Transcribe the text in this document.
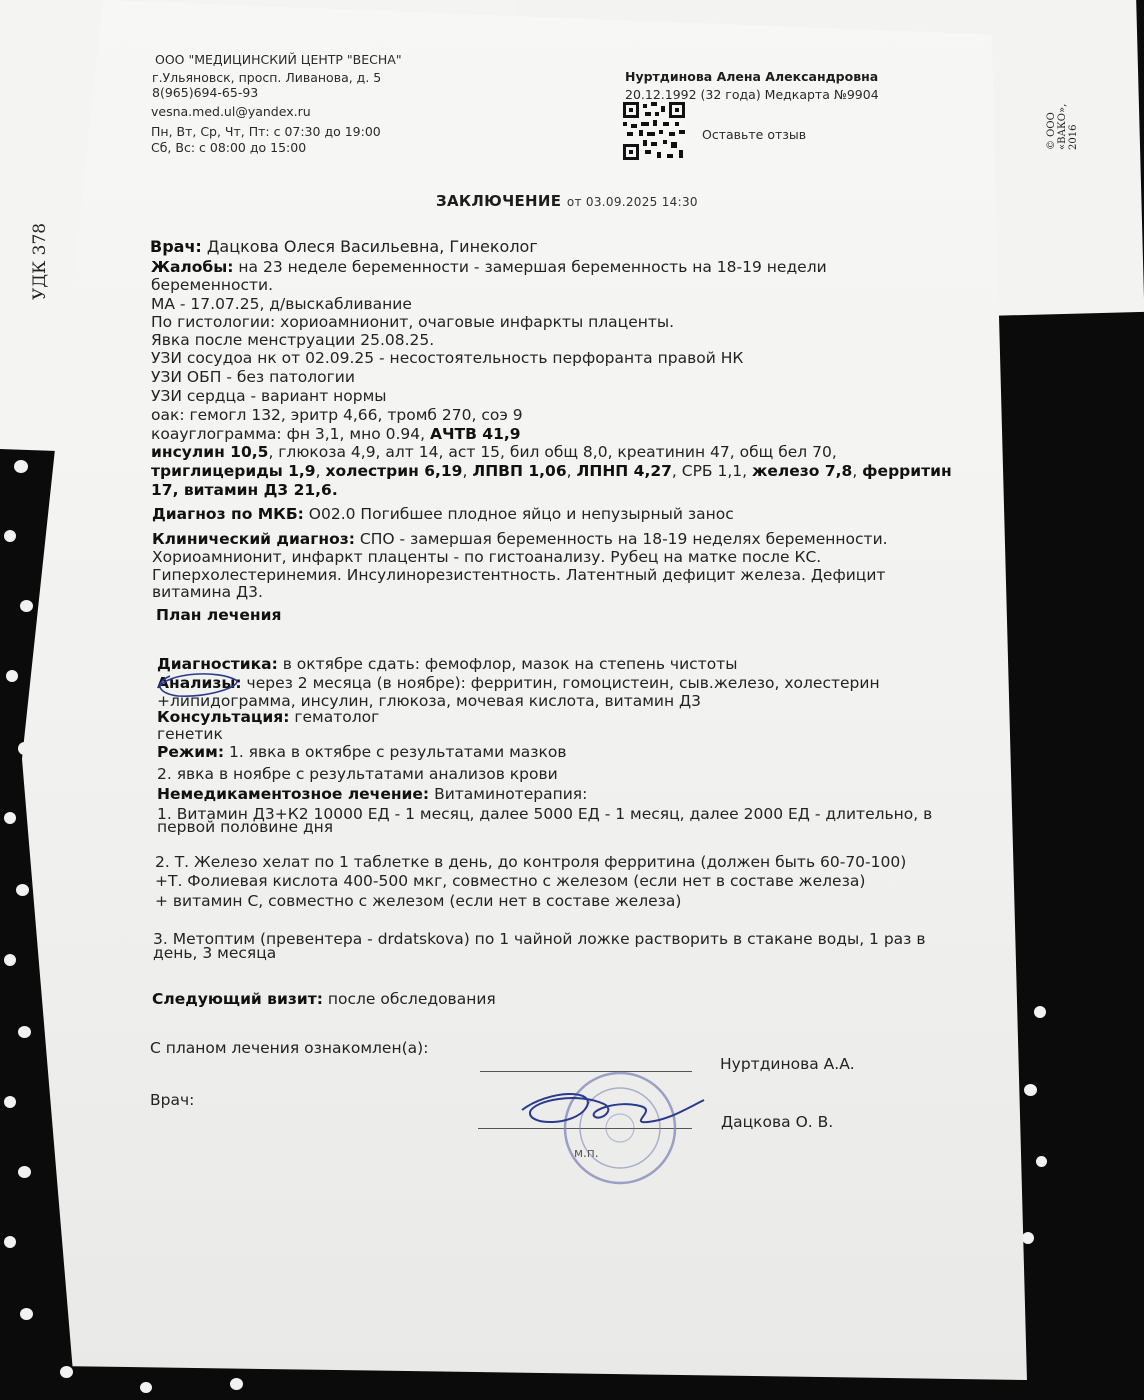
УДК 378
© ООО «ВАКО», 2016
ООО "МЕДИЦИНСКИЙ ЦЕНТР "ВЕСНА"
г.Ульяновск, просп. Ливанова, д. 5
8(965)694-65-93
vesna.med.ul@yandex.ru
Пн, Вт, Ср, Чт, Пт: с 07:30 до 19:00
Сб, Вс: с 08:00 до 15:00
Нуртдинова Алена Александровна
20.12.1992 (32 года) Медкарта №9904
Оставьте отзыв
ЗАКЛЮЧЕНИЕ от 03.09.2025 14:30
Врач: Дацкова Олеся Васильевна, Гинеколог
Жалобы: на 23 неделе беременности - замершая беременность на 18-19 недели
беременности.
МА - 17.07.25, д/выскабливание
По гистологии: хориоамнионит, очаговые инфаркты плаценты.
Явка после менструации 25.08.25.
УЗИ сосудоа нк от 02.09.25 - несостоятельность перфоранта правой НК
УЗИ ОБП - без патологии
УЗИ сердца - вариант нормы
оак: гемогл 132, эритр 4,66, тромб 270, соэ 9
коауглограмма: фн 3,1, мно 0.94, АЧТВ 41,9
инсулин 10,5, глюкоза 4,9, алт 14, аст 15, бил общ 8,0, креатинин 47, общ бел 70,
триглицериды 1,9, холестрин 6,19, ЛПВП 1,06, ЛПНП 4,27, СРБ 1,1, железо 7,8, ферритин
17, витамин Д3 21,6.
Диагноз по МКБ: O02.0 Погибшее плодное яйцо и непузырный занос
Клинический диагноз: СПО - замершая беременность на 18-19 неделях беременности.
Хориоамнионит, инфаркт плаценты - по гистоанализу. Рубец на матке после КС.
Гиперхолестеринемия. Инсулинорезистентность. Латентный дефицит железа. Дефицит
витамина Д3.
План лечения
Диагностика: в октябре сдать: фемофлор, мазок на степень чистоты
Анализы: через 2 месяца (в ноябре): ферритин, гомоцистеин, сыв.железо, холестерин
+липидограмма, инсулин, глюкоза, мочевая кислота, витамин Д3
Консультация: гематолог
генетик
Режим: 1. явка в октябре с результатами мазков
2. явка в ноябре с результатами анализов крови
Немедикаментозное лечение: Витаминотерапия:
1. Витамин Д3+К2 10000 ЕД - 1 месяц, далее 5000 ЕД - 1 месяц, далее 2000 ЕД - длительно, в
первой половине дня
2. Т. Железо хелат по 1 таблетке в день, до контроля ферритина (должен быть 60-70-100)
+Т. Фолиевая кислота 400-500 мкг, совместно с железом (если нет в составе железа)
+ витамин С, совместно с железом (если нет в составе железа)
3. Метоптим (превентера - drdatskova) по 1 чайной ложке растворить в стакане воды, 1 раз в
день, 3 месяца
Следующий визит: после обследования
С планом лечения ознакомлен(а):
Нуртдинова А.А.
Врач:
Дацкова О. В.
м.п.
